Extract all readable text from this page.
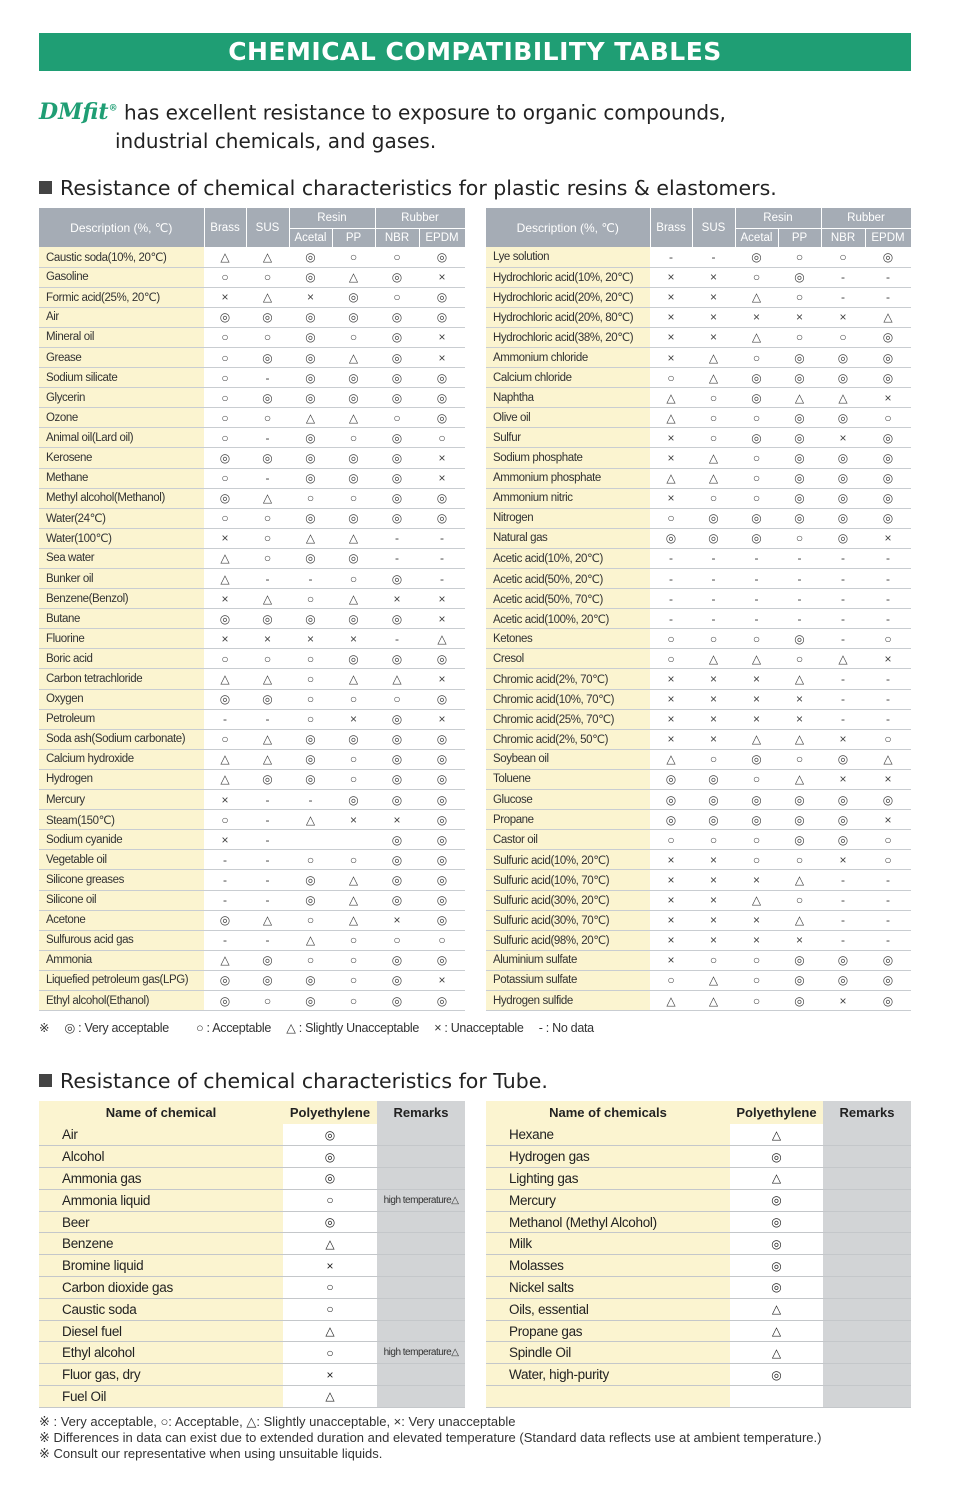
CHEMICAL COMPATIBILITY TABLES
DMfit® has excellent resistance to exposure to organic compounds,
industrial chemicals, and gases.
Resistance of chemical characteristics for plastic resins & elastomers.
Description (%, ℃)	Brass	SUS	Resin		Rubber	
			Acetal	PP	NBR	EPDM
Caustic soda(10%, 20℃)	△	△	◎	○	○	◎
Gasoline	○	○	◎	△	◎	×
Formic acid(25%, 20℃)	×	△	×	◎	○	◎
Air	◎	◎	◎	◎	◎	◎
Mineral oil	○	○	◎	○	◎	×
Grease	○	◎	◎	△	◎	×
Sodium silicate	○	-	◎	◎	◎	◎
Glycerin	○	◎	◎	◎	◎	◎
Ozone	○	○	△	△	○	◎
Animal oil(Lard oil)	○	-	◎	○	◎	○
Kerosene	◎	◎	◎	◎	◎	×
Methane	○	-	◎	◎	◎	×
Methyl alcohol(Methanol)	◎	△	○	○	◎	◎
Water(24℃)	○	○	◎	◎	◎	◎
Water(100℃)	×	○	△	△	-	-
Sea water	△	○	◎	◎	-	-
Bunker oil	△	-	-	○	◎	-
Benzene(Benzol)	×	△	○	△	×	×
Butane	◎	◎	◎	◎	◎	×
Fluorine	×	×	×	×	-	△
Boric acid	○	○	○	◎	◎	◎
Carbon tetrachloride	△	△	○	△	△	×
Oxygen	◎	◎	○	○	○	◎
Petroleum	-	-	○	×	◎	×
Soda ash(Sodium carbonate)	○	△	◎	◎	◎	◎
Calcium hydroxide	△	△	◎	○	◎	◎
Hydrogen	△	◎	◎	○	◎	◎
Mercury	×	-	-	◎	◎	◎
Steam(150℃)	○	-	△	×	×	◎
Sodium cyanide	×	-			◎	◎
Vegetable oil	-	-	○	○	◎	◎
Silicone greases	-	-	◎	△	◎	◎
Silicone oil	-	-	◎	△	◎	◎
Acetone	◎	△	○	△	×	◎
Sulfurous acid gas	-	-	△	○	○	○
Ammonia	△	◎	○	○	◎	◎
Liquefied petroleum gas(LPG)	◎	◎	◎	○	◎	×
Ethyl alcohol(Ethanol)	◎	○	◎	○	◎	◎
Description (%, ℃)	Brass	SUS	Resin		Rubber	
			Acetal	PP	NBR	EPDM
Lye solution	-	-	◎	○	○	◎
Hydrochloric acid(10%, 20℃)	×	×	○	◎	-	-
Hydrochloric acid(20%, 20℃)	×	×	△	○	-	-
Hydrochloric acid(20%, 80℃)	×	×	×	×	×	△
Hydrochloric acid(38%, 20℃)	×	×	△	○	○	◎
Ammonium chloride	×	△	○	◎	◎	◎
Calcium chloride	○	△	◎	◎	◎	◎
Naphtha	△	○	◎	△	△	×
Olive oil	△	○	○	◎	◎	○
Sulfur	×	○	◎	◎	×	◎
Sodium phosphate	×	△	○	◎	◎	◎
Ammonium phosphate	△	△	○	◎	◎	◎
Ammonium nitric	×	○	○	◎	◎	◎
Nitrogen	○	◎	◎	◎	◎	◎
Natural gas	◎	◎	◎	○	◎	×
Acetic acid(10%, 20℃)	-	-	-	-	-	-
Acetic acid(50%, 20℃)	-	-	-	-	-	-
Acetic acid(50%, 70℃)	-	-	-	-	-	-
Acetic acid(100%, 20℃)	-	-	-	-	-	-
Ketones	○	○	○	◎	-	○
Cresol	○	△	△	○	△	×
Chromic acid(2%, 70℃)	×	×	×	△	-	-
Chromic acid(10%, 70℃)	×	×	×	×	-	-
Chromic acid(25%, 70℃)	×	×	×	×	-	-
Chromic acid(2%, 50℃)	×	×	△	△	×	○
Soybean oil	△	○	◎	○	◎	△
Toluene	◎	◎	○	△	×	×
Glucose	◎	◎	◎	◎	◎	◎
Propane	◎	◎	◎	◎	◎	×
Castor oil	○	○	○	◎	◎	○
Sulfuric acid(10%, 20℃)	×	×	○	○	×	○
Sulfuric acid(10%, 70℃)	×	×	×	△	-	-
Sulfuric acid(30%, 20℃)	×	×	△	○	-	-
Sulfuric acid(30%, 70℃)	×	×	×	△	-	-
Sulfuric acid(98%, 20℃)	×	×	×	×	-	-
Aluminium sulfate	×	○	○	◎	◎	◎
Potassium sulfate	○	△	○	◎	◎	◎
Hydrogen sulfide	△	△	○	◎	×	◎
※ ◎ : Very acceptable ○ : Acceptable △ : Slightly Unacceptable × : Unacceptable - : No data
Resistance of chemical characteristics for Tube.
Name of chemical	Polyethylene	Remarks
Air	◎	
Alcohol	◎	
Ammonia gas	◎	
Ammonia liquid	○	high temperature△
Beer	◎	
Benzene	△	
Bromine liquid	×	
Carbon dioxide gas	○	
Caustic soda	○	
Diesel fuel	△	
Ethyl alcohol	○	high temperature△
Fluor gas, dry	×	
Fuel Oil	△	
Name of chemicals	Polyethylene	Remarks
Hexane	△	
Hydrogen gas	◎	
Lighting gas	△	
Mercury	◎	
Methanol (Methyl Alcohol)	◎	
Milk	◎	
Molasses	◎	
Nickel salts	◎	
Oils, essential	△	
Propane gas	△	
Spindle Oil	△	
Water, high-purity	◎	

※ : Very acceptable, ○: Acceptable, △: Slightly unacceptable, ×: Very unacceptable
※ Differences in data can exist due to extended duration and elevated temperature (Standard data reflects use at ambient temperature.)
※ Consult our representative when using unsuitable liquids.
